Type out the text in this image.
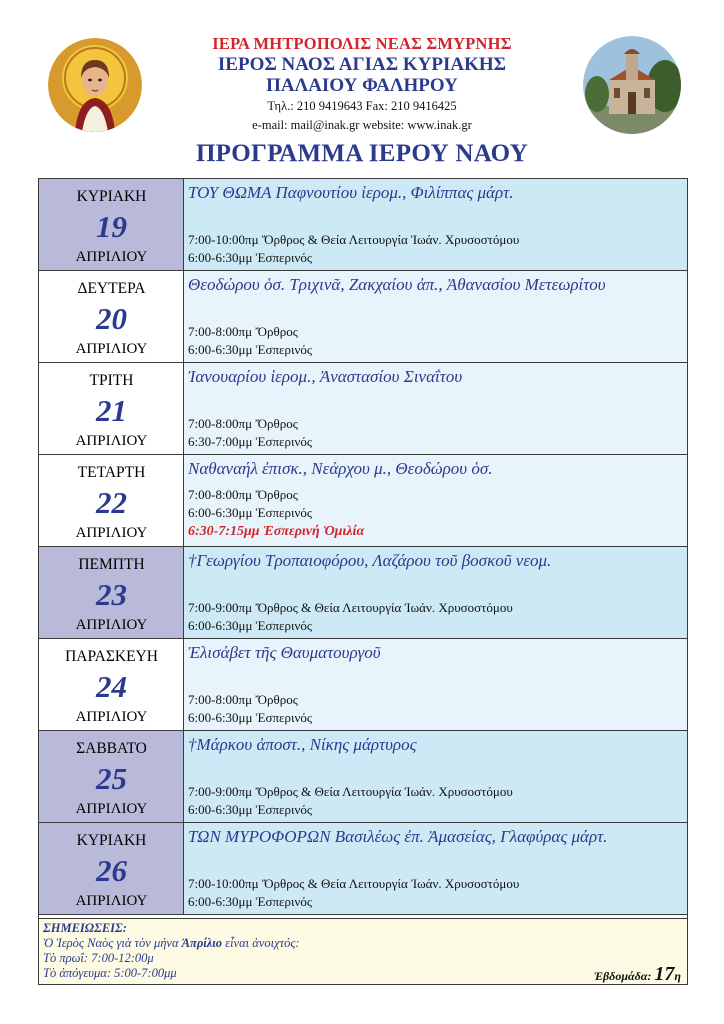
ΙΕΡΑ ΜΗΤΡΟΠΟΛΙΣ ΝΕΑΣ ΣΜΥΡΝΗΣ
ΙΕΡΟΣ ΝΑΟΣ ΑΓΙΑΣ ΚΥΡΙΑΚΗΣ
ΠΑΛΑΙΟΥ ΦΑΛΗΡΟΥ
Τηλ.: 210 9419643 Fax: 210 9416425
e-mail: mail@inak.gr website: www.inak.gr
ΠΡΟΓΡΑΜΜΑ ΙΕΡΟΥ ΝΑΟΥ
ΚΥΡΙΑΚΗ
19
ΑΠΡΙΛΙΟΥ
ΤΟΥ ΘΩΜΑ Παφνουτίου ἱερομ., Φιλίππας μάρτ.
7:00-10:00πμ Ὄρθρος & Θεία Λειτουργία Ἰωάν. Χρυσοστόμου
6:00-6:30μμ Ἑσπερινός
ΔΕΥΤΕΡΑ
20
ΑΠΡΙΛΙΟΥ
Θεοδώρου ὁσ. Τριχινᾶ, Ζακχαίου ἀπ., Ἀθανασίου Μετεωρίτου
7:00-8:00πμ Ὄρθρος
6:00-6:30μμ Ἑσπερινός
ΤΡΙΤΗ
21
ΑΠΡΙΛΙΟΥ
Ἰανουαρίου ἱερομ., Ἀναστασίου Σιναΐτου
7:00-8:00πμ Ὄρθρος
6:30-7:00μμ Ἑσπερινός
ΤΕΤΑΡΤΗ
22
ΑΠΡΙΛΙΟΥ
Ναθαναήλ ἐπισκ., Νεάρχου μ., Θεοδώρου ὁσ.
7:00-8:00πμ Ὄρθρος
6:00-6:30μμ Ἑσπερινός
6:30-7:15μμ Ἑσπερινή Ὁμιλία
ΠΕΜΠΤΗ
23
ΑΠΡΙΛΙΟΥ
†Γεωργίου Τροπαιοφόρου, Λαζάρου τοῦ βοσκοῦ νεομ.
7:00-9:00πμ Ὄρθρος & Θεία Λειτουργία Ἰωάν. Χρυσοστόμου
6:00-6:30μμ Ἑσπερινός
ΠΑΡΑΣΚΕΥΗ
24
ΑΠΡΙΛΙΟΥ
Ἐλισάβετ τῆς Θαυματουργοῦ
7:00-8:00πμ Ὄρθρος
6:00-6:30μμ Ἑσπερινός
ΣΑΒΒΑΤΟ
25
ΑΠΡΙΛΙΟΥ
†Μάρκου ἀποστ., Νίκης μάρτυρος
7:00-9:00πμ Ὄρθρος & Θεία Λειτουργία Ἰωάν. Χρυσοστόμου
6:00-6:30μμ Ἑσπερινός
ΚΥΡΙΑΚΗ
26
ΑΠΡΙΛΙΟΥ
ΤΩΝ ΜΥΡΟΦΟΡΩΝ Βασιλέως ἐπ. Ἀμασείας, Γλαφύρας μάρτ.
7:00-10:00πμ Ὄρθρος & Θεία Λειτουργία Ἰωάν. Χρυσοστόμου
6:00-6:30μμ Ἑσπερινός
ΣΗΜΕΙΩΣΕΙΣ:
Ὁ Ἱερὸς Ναὸς γιὰ τὸν μήνα Ἀπρίλιο εἶναι ἀνοιχτός:
Τὸ πρωΐ: 7:00-12:00μ
Τὸ ἀπόγευμα: 5:00-7:00μμ	Ἑβδομάδα: 17η
